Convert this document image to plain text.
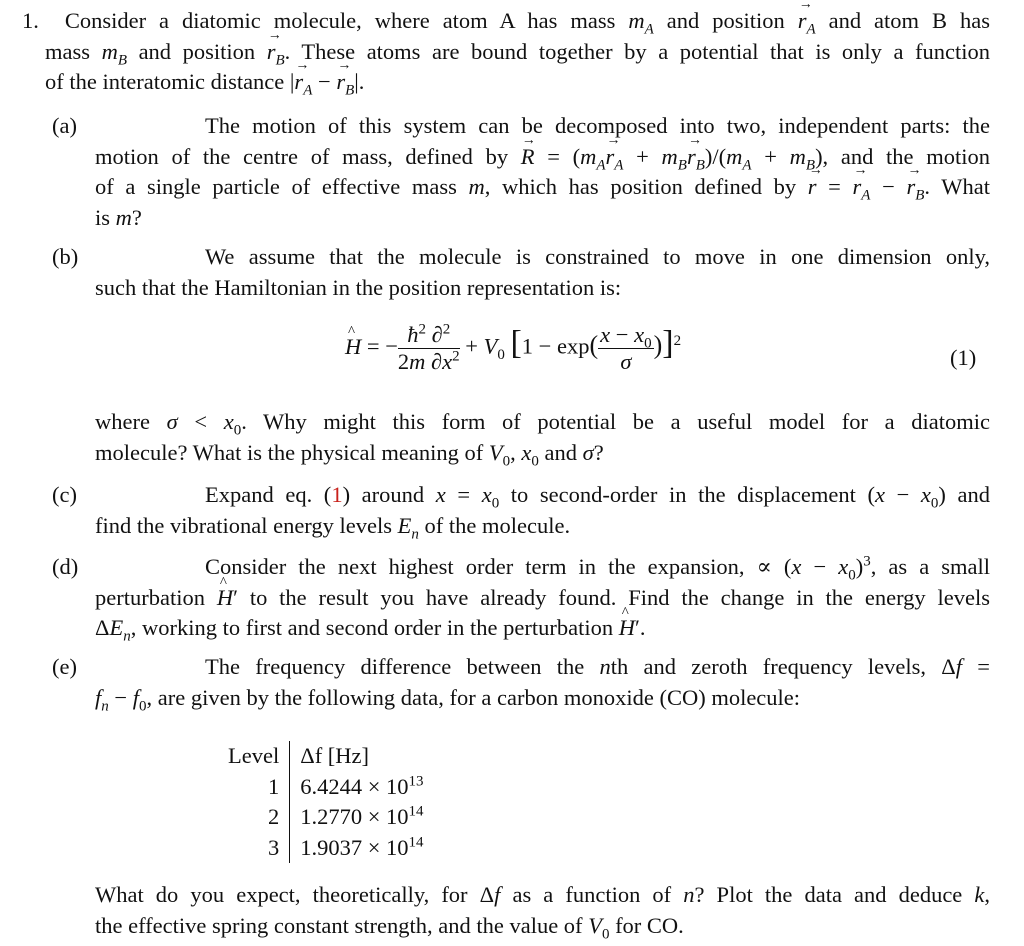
1.  Consider a diatomic molecule, where atom A has mass $m_A$ and position → $r_A$ and atom B has
mass $m_B$ and position → $r_B$. These atoms are bound together by a potential that is only a function
of the interatomic distance |→ $r_A$ − → $r_B|$.
(a)	The motion of this system can be decomposed into two, independent parts: the
motion of the centre of mass, defined by → $R = (m_A\to r_A + m_B\to r_B)/(m_A + m_B)$, and the motion
of a single particle of effective mass m, which has position defined by → r = → $r_A$ − → $r_B$. What
is m?
(b)	We assume that the molecule is constrained to move in one dimension only,
such that the Hamiltonian in the position representation is:
^ H = − $\frac{ħ^2 \partial^2}{2m \partial x^2} + V_0$ $[1 - \exp( \frac{x - x_0}{\sigma} )]^2$
(1)
where $\sigma < x_0$. Why might this form of potential be a useful model for a diatomic
molecule? What is the physical meaning of $V_0$, $x_0$ and σ?
(c)	Expand eq. (1) around $x = x_0$ to second-order in the displacement $(x - x_0)$ and
find the vibrational energy levels $E_n$ of the molecule.
(d)	Consider the next highest order term in the expansion, ∝ $(x - x_0)^3$, as a small
perturbation ^ H′ to the result you have already found. Find the change in the energy levels
$\Delta E_n$, working to first and second order in the perturbation ^ H′.
(e)	The frequency difference between the nth and zeroth frequency levels, Δf =
$f_n - f_0$, are given by the following data, for a carbon monoxide (CO) molecule:
Level	Δf [Hz]
1	$6.4244 \times 10^{13}$
2	$1.2770 \times 10^{14}$
3	$1.9037 \times 10^{14}$
What do you expect, theoretically, for Δf as a function of n? Plot the data and deduce k,
the effective spring constant strength, and the value of $V_0$ for CO.
